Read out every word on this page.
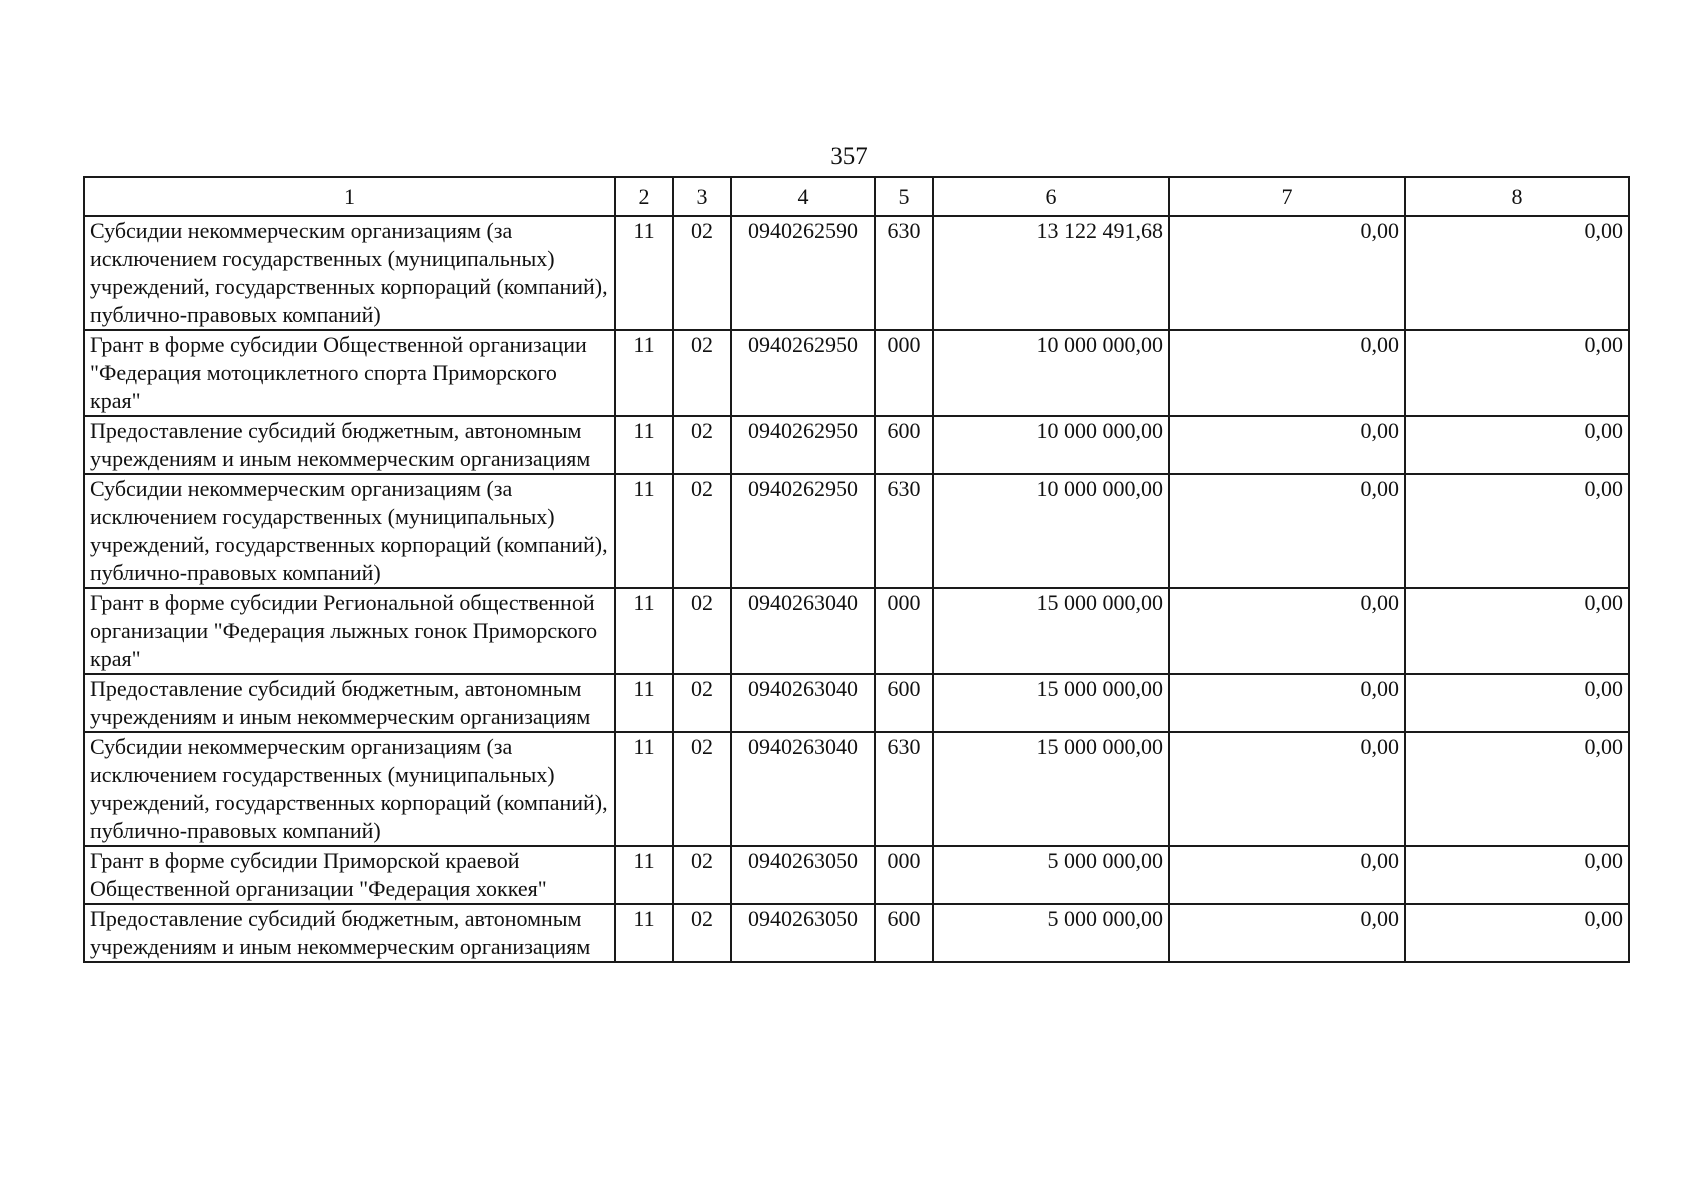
357
1	2	3	4	5	6	7	8
Субсидии некоммерческим организациям (за исключением государственных (муниципальных) учреждений, государственных корпораций (компаний), публично-правовых компаний)	11	02	0940262590	630	13 122 491,68	0,00	0,00
Грант в форме субсидии Общественной организации "Федерация мотоциклетного спорта Приморского края"	11	02	0940262950	000	10 000 000,00	0,00	0,00
Предоставление субсидий бюджетным, автономным учреждениям и иным некоммерческим организациям	11	02	0940262950	600	10 000 000,00	0,00	0,00
Субсидии некоммерческим организациям (за исключением государственных (муниципальных) учреждений, государственных корпораций (компаний), публично-правовых компаний)	11	02	0940262950	630	10 000 000,00	0,00	0,00
Грант в форме субсидии Региональной общественной организации "Федерация лыжных гонок Приморского края"	11	02	0940263040	000	15 000 000,00	0,00	0,00
Предоставление субсидий бюджетным, автономным учреждениям и иным некоммерческим организациям	11	02	0940263040	600	15 000 000,00	0,00	0,00
Субсидии некоммерческим организациям (за исключением государственных (муниципальных) учреждений, государственных корпораций (компаний), публично-правовых компаний)	11	02	0940263040	630	15 000 000,00	0,00	0,00
Грант в форме субсидии Приморской краевой Общественной организации "Федерация хоккея"	11	02	0940263050	000	5 000 000,00	0,00	0,00
Предоставление субсидий бюджетным, автономным учреждениям и иным некоммерческим организациям	11	02	0940263050	600	5 000 000,00	0,00	0,00
